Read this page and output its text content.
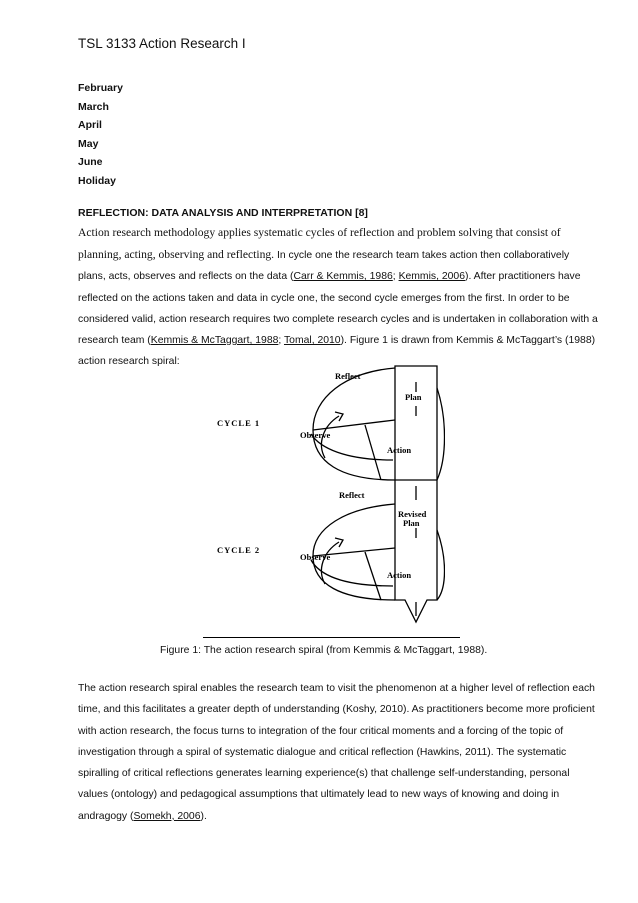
TSL 3133 Action Research I
February
March
April
May
June
Holiday
REFLECTION: DATA ANALYSIS AND INTERPRETATION [8]
Action research methodology applies systematic cycles of reflection and problem solving that consist of planning, acting, observing and reflecting. In cycle one the research team takes action then collaboratively plans, acts, observes and reflects on the data (Carr & Kemmis, 1986; Kemmis, 2006). After practitioners have reflected on the actions taken and data in cycle one, the second cycle emerges from the first. In order to be considered valid, action research requires two complete research cycles and is undertaken in collaboration with a research team (Kemmis & McTaggart, 1988; Tomal, 2010). Figure 1 is drawn from Kemmis & McTaggart’s (1988) action research spiral:
Reflect
Plan
CYCLE 1
Observe
Action
Reflect
Revised
Plan
CYCLE 2
Observe
Action
Figure 1: The action research spiral (from Kemmis & McTaggart, 1988).
The action research spiral enables the research team to visit the phenomenon at a higher level of reflection each time, and this facilitates a greater depth of understanding (Koshy, 2010). As practitioners become more proficient with action research, the focus turns to integration of the four critical moments and a forcing of the topic of investigation through a spiral of systematic dialogue and critical reflection (Hawkins, 2011). The systematic spiralling of critical reflections generates learning experience(s) that challenge self-understanding, personal values (ontology) and pedagogical assumptions that ultimately lead to new ways of knowing and doing in andragogy (Somekh, 2006).
